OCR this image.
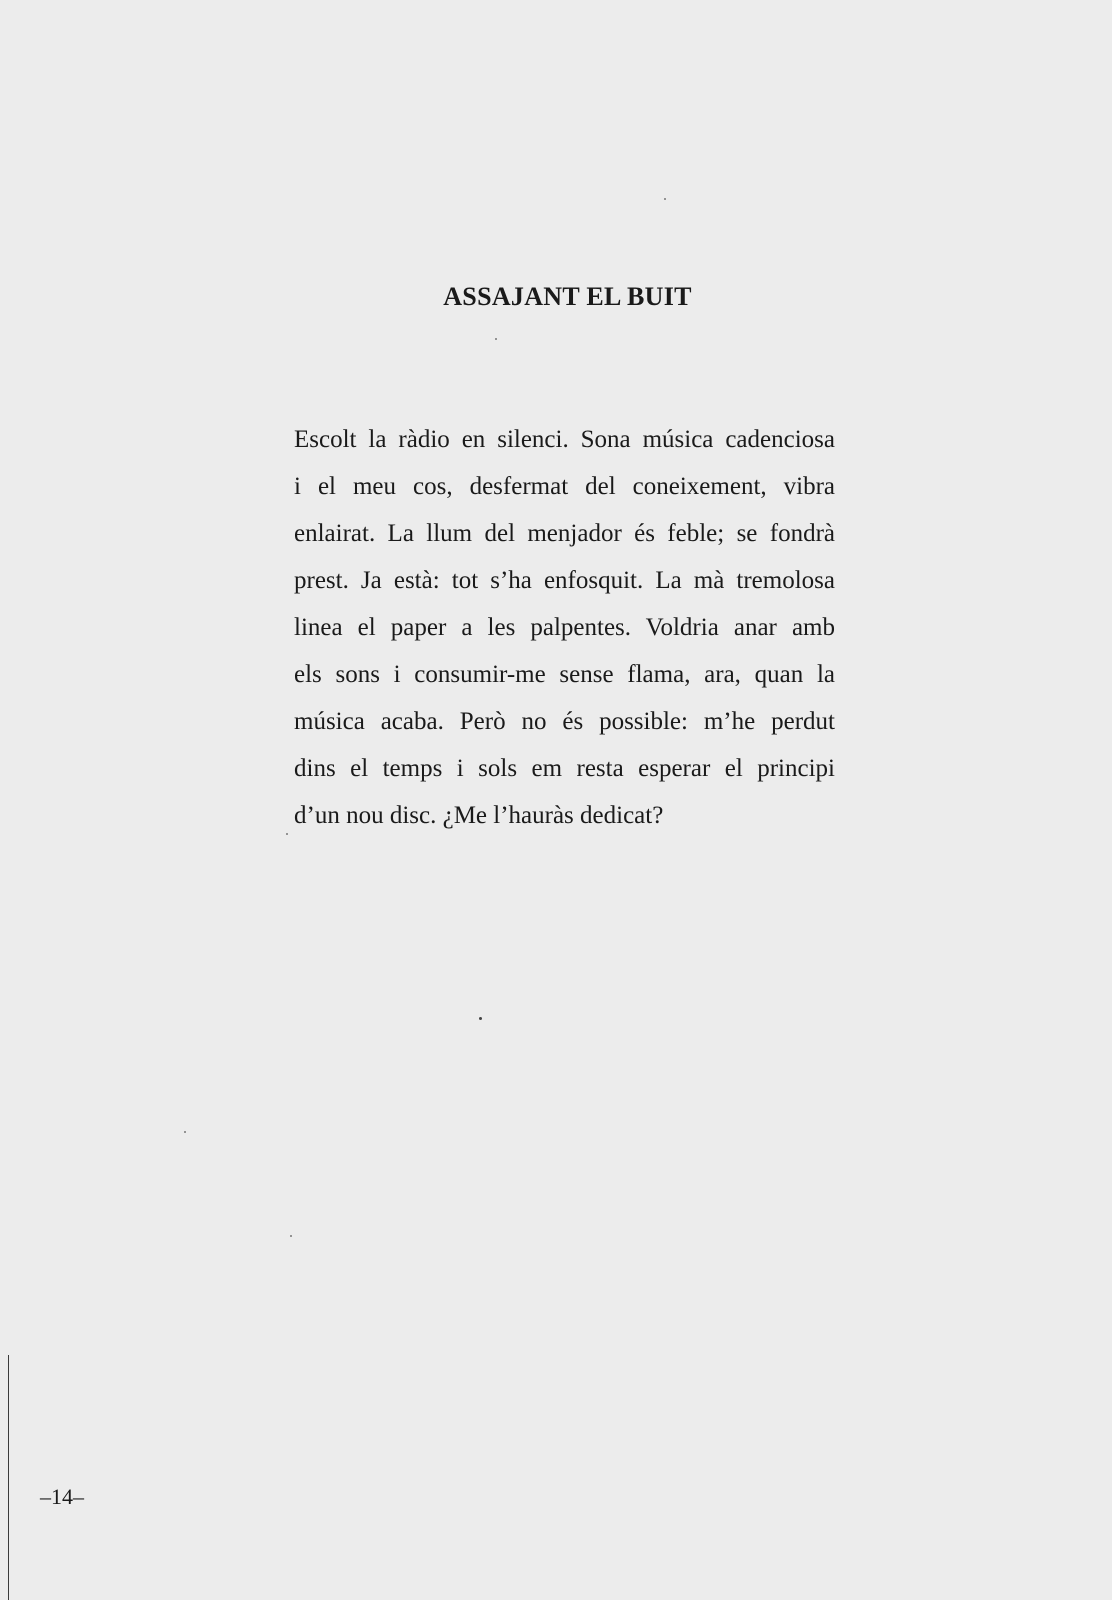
ASSAJANT EL BUIT
Escolt la ràdio en silenci. Sona música cadenciosa
i el meu cos, desfermat del coneixement, vibra
enlairat. La llum del menjador és feble; se fondrà
prest. Ja està: tot s’ha enfosquit. La mà tremolosa
linea el paper a les palpentes. Voldria anar amb
els sons i consumir-me sense flama, ara, quan la
música acaba. Però no és possible: m’he perdut
dins el temps i sols em resta esperar el principi
d’un nou disc. ¿Me l’hauràs dedicat?
–14–
